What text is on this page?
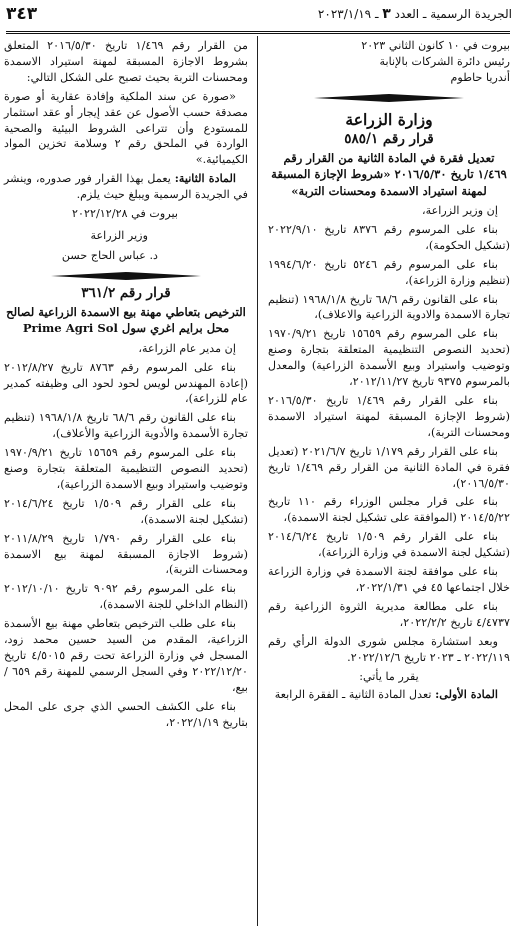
٣٤٣	الجريدة الرسمية ـ العدد ٣ ـ ٢٠٢٣/١/١٩

بيروت في ١٠ كانون الثاني ٢٠٢٣

رئيس دائرة الشركات بالإنابة

أندريا حاطوم

وزارة الزراعة
قرار رقم ٥٨٥/١
تعديل فقرة في المادة الثانية من القرار رقم ١/٤٦٩ تاريخ ٢٠١٦/٥/٣٠ «شروط الإجازة المسبقة لمهنة استيراد الاسمدة ومحسنات التربة»

إن وزير الزراعة،

بناء على المرسوم رقم ٨٣٧٦ تاريخ ٢٠٢٢/٩/١٠ (تشكيل الحكومة)،

بناء على المرسوم رقم ٥٢٤٦ تاريخ ١٩٩٤/٦/٢٠ (تنظيم وزارة الزراعة)،

بناء على القانون رقم ٦٨/٦ تاريخ ١٩٦٨/١/٨ (تنظيم تجارة الاسمدة والادوية الزراعية والاعلاف)،

بناء على المرسوم رقم ١٥٦٥٩ تاريخ ١٩٧٠/٩/٢١ (تحديد النصوص التنظيمية المتعلقة بتجارة وصنع وتوضيب واستيراد وبيع الأسمدة الزراعية) والمعدل بالمرسوم ٩٣٧٥ تاريخ ٢٠١٢/١١/٢٧،

بناء على القرار رقم ١/٤٦٩ تاريخ ٢٠١٦/٥/٣٠ (شروط الإجازة المسبقة لمهنة استيراد الاسمدة ومحسنات التربة)،

بناء على القرار رقم ١/١٧٩ تاريخ ٢٠٢١/٦/٧ (تعديل فقرة في المادة الثانية من القرار رقم ١/٤٦٩ تاريخ ٢٠١٦/٥/٣٠)،

بناء على قرار مجلس الوزراء رقم ١١٠ تاريخ ٢٠١٤/٥/٢٢ (الموافقة على تشكيل لجنة الاسمدة)،

بناء على القرار رقم ١/٥٠٩ تاريخ ٢٠١٤/٦/٢٤ (تشكيل لجنة الاسمدة في وزارة الزراعة)،

بناء على موافقة لجنة الاسمدة في وزارة الزراعة خلال اجتماعها ٤٥ في ٢٠٢٢/١/٣١،

بناء على مطالعة مديرية الثروة الزراعية رقم ٤/٤٧٣٧ تاريخ ٢٠٢٢/٢/٢،

وبعد استشارة مجلس شورى الدولة الرأي رقم ٢٠٢٢/١١٩ ـ ٢٠٢٣ تاريخ ٢٠٢٢/١٢/٦.

يقرر ما يأتي:

المادة الأولى: تعدل المادة الثانية ـ الفقرة الرابعة

من القرار رقم ١/٤٦٩ تاريخ ٢٠١٦/٥/٣٠ المتعلق بشروط الاجازة المسبقة لمهنة استيراد الاسمدة ومحسنات التربة بحيث تصبح على الشكل التالي:

«صورة عن سند الملكية وإفادة عقارية أو صورة مصدقة حسب الأصول عن عقد إيجار أو عقد استثمار للمستودع وأن تتراعى الشروط البيئية والصحية الواردة في الملحق رقم ٢ وسلامة تخزين المواد الكيميائية.»

المادة الثانية: يعمل بهذا القرار فور صدوره، وينشر في الجريدة الرسمية ويبلغ حيث يلزم.

بيروت في ٢٠٢٢/١٢/٢٨

وزير الزراعة

د. عباس الحاج حسن

قرار رقم ٣٦١/٢
الترخيص بتعاطي مهنة بيع الاسمدة الزراعية لصالح محل برايم اغري سول Prime Agri Sol

إن مدير عام الزراعة،

بناء على المرسوم رقم ٨٧٦٣ تاريخ ٢٠١٢/٨/٢٧ (إعادة المهندس لويس لحود لحود الى وظيفته كمدير عام للزراعة)،

بناء على القانون رقم ٦٨/٦ تاريخ ١٩٦٨/١/٨ (تنظيم تجارة الأسمدة والأدوية الزراعية والأعلاف)،

بناء على المرسوم رقم ١٥٦٥٩ تاريخ ١٩٧٠/٩/٢١ (تحديد النصوص التنظيمية المتعلقة بتجارة وصنع وتوضيب واستيراد وبيع الاسمدة الزراعية)،

بناء على القرار رقم ١/٥٠٩ تاريخ ٢٠١٤/٦/٢٤ (تشكيل لجنة الاسمدة)،

بناء على القرار رقم ١/٧٩٠ تاريخ ٢٠١١/٨/٢٩ (شروط الاجازة المسبقة لمهنة بيع الاسمدة ومحسنات التربة)،

بناء على المرسوم رقم ٩٠٩٢ تاريخ ٢٠١٢/١٠/١٠ (النظام الداخلي للجنة الاسمدة)،

بناء على طلب الترخيص بتعاطي مهنة بيع الأسمدة الزراعية، المقدم من السيد حسين محمد زود، المسجل في وزارة الزراعة تحت رقم ٤/٥٠١٥ تاريخ ٢٠٢٢/١٢/٢٠ وفي السجل الرسمي للمهنة رقم ٦٥٩ / بيع،

بناء على الكشف الحسي الذي جرى على المحل بتاريخ ٢٠٢٢/١/١٩،
